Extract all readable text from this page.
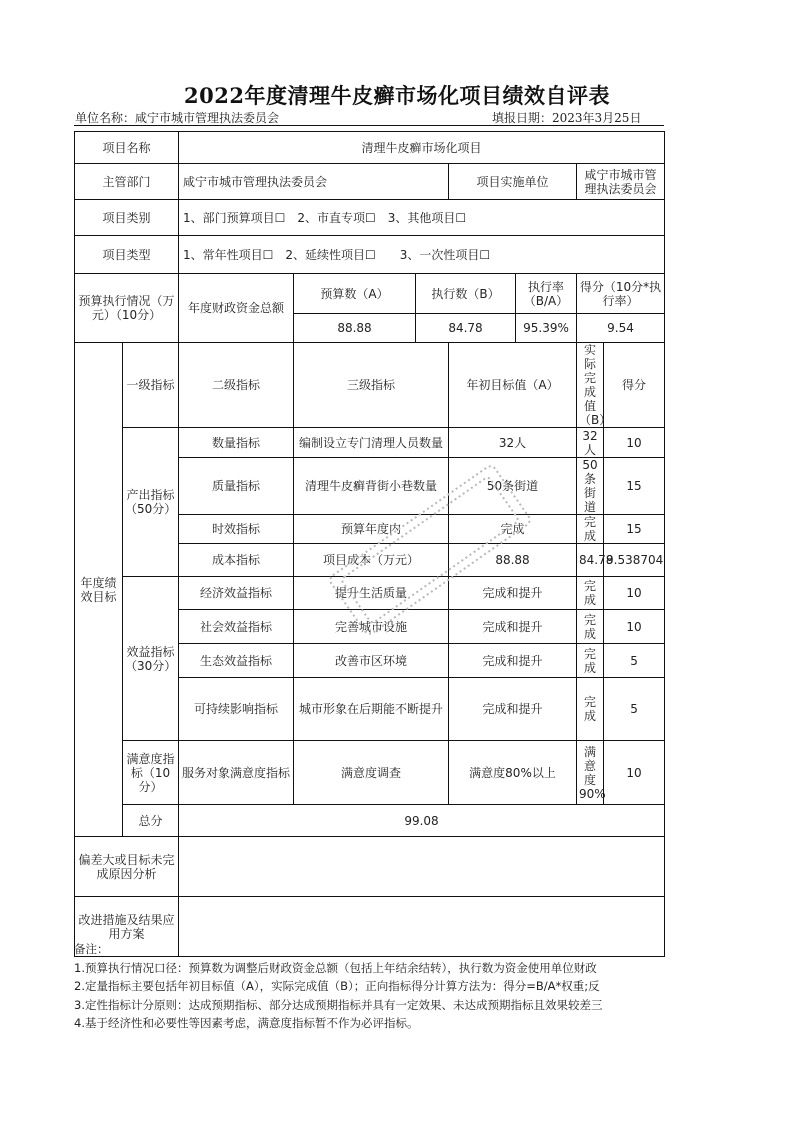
2022年度清理牛皮癣市场化项目绩效自评表
单位名称：咸宁市城市管理执法委员会	填报日期：2023年3月25日
项目名称		清理牛皮癣市场化项目						
主管部门		咸宁市城市管理执法委员会			项目实施单位		咸宁市城市管理执法委员会	
项目类别		1、部门预算项目☐　2、市直专项☐　3、其他项目☐						
项目类型		1、常年性项目☐　2、延续性项目☐　　3、一次性项目☐						
预算执行情况（万元）（10分）		年度财政资金总额	预算数（A）	执行数（B）		执行率（B/A）	得分（10分*执行率）	
			88.88	84.78		95.39%	9.54	
年度绩效目标	一级指标	二级指标	三级指标		年初目标值（A）		实际完成值（B）	得分
	产出指标（50分）	数量指标	编制设立专门清理人员数量		32人		32人	10
		质量指标	清理牛皮癣背街小巷数量		50条街道		50条街道	15
		时效指标	预算年度内		完成		完成	15
		成本指标	项目成本（万元）		88.88		84.78	9.538704
	效益指标（30分）	经济效益指标	提升生活质量		完成和提升		完成	10
		社会效益指标	完善城市设施		完成和提升		完成	10
		生态效益指标	改善市区环境		完成和提升		完成	5
		可持续影响指标	城市形象在后期能不断提升		完成和提升		完成	5
	满意度指标（10分）	服务对象满意度指标	满意度调查		满意度80%以上		满意度90%	10
	总分	99.08						
偏差大或目标未完成原因分析								
改进措施及结果应用方案								
备注：
1.预算执行情况口径：预算数为调整后财政资金总额（包括上年结余结转），执行数为资金使用单位财政
2.定量指标主要包括年初目标值（A），实际完成值（B）；正向指标得分计算方法为：得分=B/A*权重;反
3.定性指标计分原则：达成预期指标、部分达成预期指标并具有一定效果、未达成预期指标且效果较差三
4.基于经济性和必要性等因素考虑，满意度指标暂不作为必评指标。
